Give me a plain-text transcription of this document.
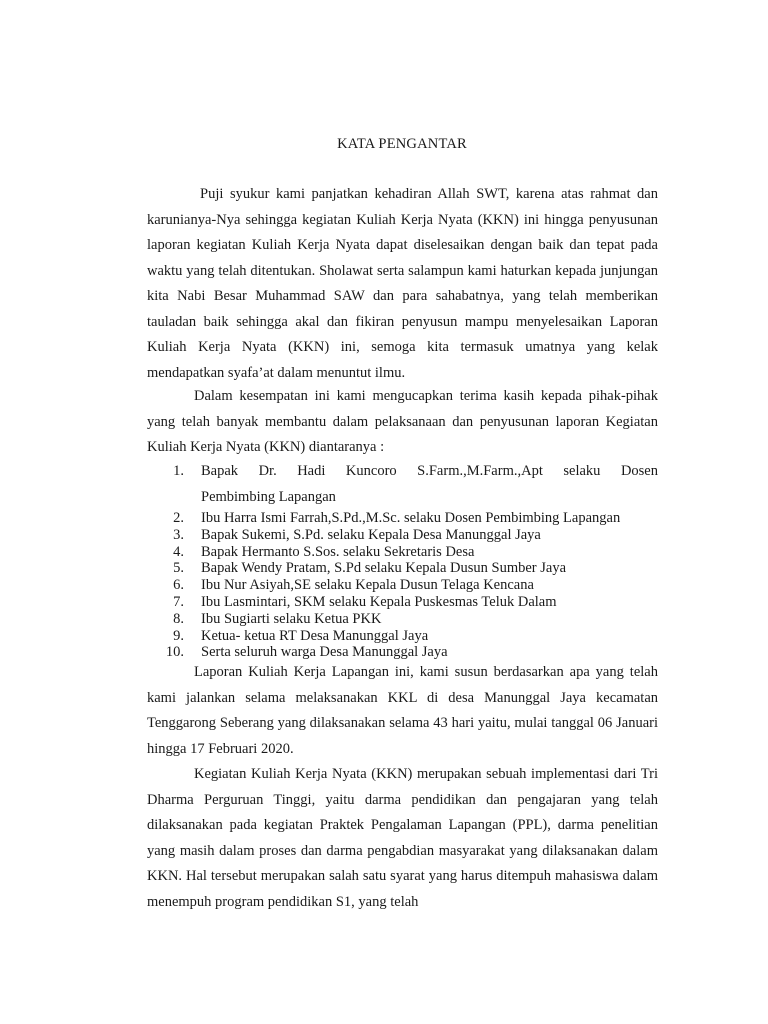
KATA PENGANTAR

Puji syukur kami panjatkan kehadiran Allah SWT, karena atas rahmat dan karunianya-Nya sehingga kegiatan Kuliah Kerja Nyata (KKN) ini hingga penyusunan laporan kegiatan Kuliah Kerja Nyata dapat diselesaikan dengan baik dan tepat pada waktu yang telah ditentukan. Sholawat serta salampun kami haturkan kepada junjungan kita Nabi Besar Muhammad SAW dan para sahabatnya, yang telah memberikan tauladan baik sehingga akal dan fikiran penyusun mampu menyelesaikan Laporan Kuliah Kerja Nyata (KKN) ini, semoga kita termasuk umatnya yang kelak mendapatkan syafa’at dalam menuntut ilmu.

Dalam kesempatan ini kami mengucapkan terima kasih kepada pihak-pihak yang telah banyak membantu dalam pelaksanaan dan penyusunan laporan Kegiatan Kuliah Kerja Nyata (KKN) diantaranya :

1. Bapak Dr. Hadi Kuncoro S.Farm.,M.Farm.,Apt selaku Dosen
Pembimbing Lapangan
2. Ibu Harra Ismi Farrah,S.Pd.,M.Sc. selaku Dosen Pembimbing Lapangan
3. Bapak Sukemi, S.Pd. selaku Kepala Desa Manunggal Jaya
4. Bapak Hermanto S.Sos. selaku Sekretaris Desa
5. Bapak Wendy Pratam, S.Pd selaku Kepala Dusun Sumber Jaya
6. Ibu Nur Asiyah,SE selaku Kepala Dusun Telaga Kencana
7. Ibu Lasmintari, SKM selaku Kepala Puskesmas Teluk Dalam
8. Ibu Sugiarti selaku Ketua PKK
9. Ketua- ketua RT Desa Manunggal Jaya
10. Serta seluruh warga Desa Manunggal Jaya

Laporan Kuliah Kerja Lapangan ini, kami susun berdasarkan apa yang telah kami jalankan selama melaksanakan KKL di desa Manunggal Jaya kecamatan Tenggarong Seberang yang dilaksanakan selama 43 hari yaitu, mulai tanggal 06 Januari hingga 17 Februari 2020.

Kegiatan Kuliah Kerja Nyata (KKN) merupakan sebuah implementasi dari Tri Dharma Perguruan Tinggi, yaitu darma pendidikan dan pengajaran yang telah dilaksanakan pada kegiatan Praktek Pengalaman Lapangan (PPL), darma penelitian yang masih dalam proses dan darma pengabdian masyarakat yang dilaksanakan dalam KKN. Hal tersebut merupakan salah satu syarat yang harus ditempuh mahasiswa dalam menempuh program pendidikan S1, yang telah
